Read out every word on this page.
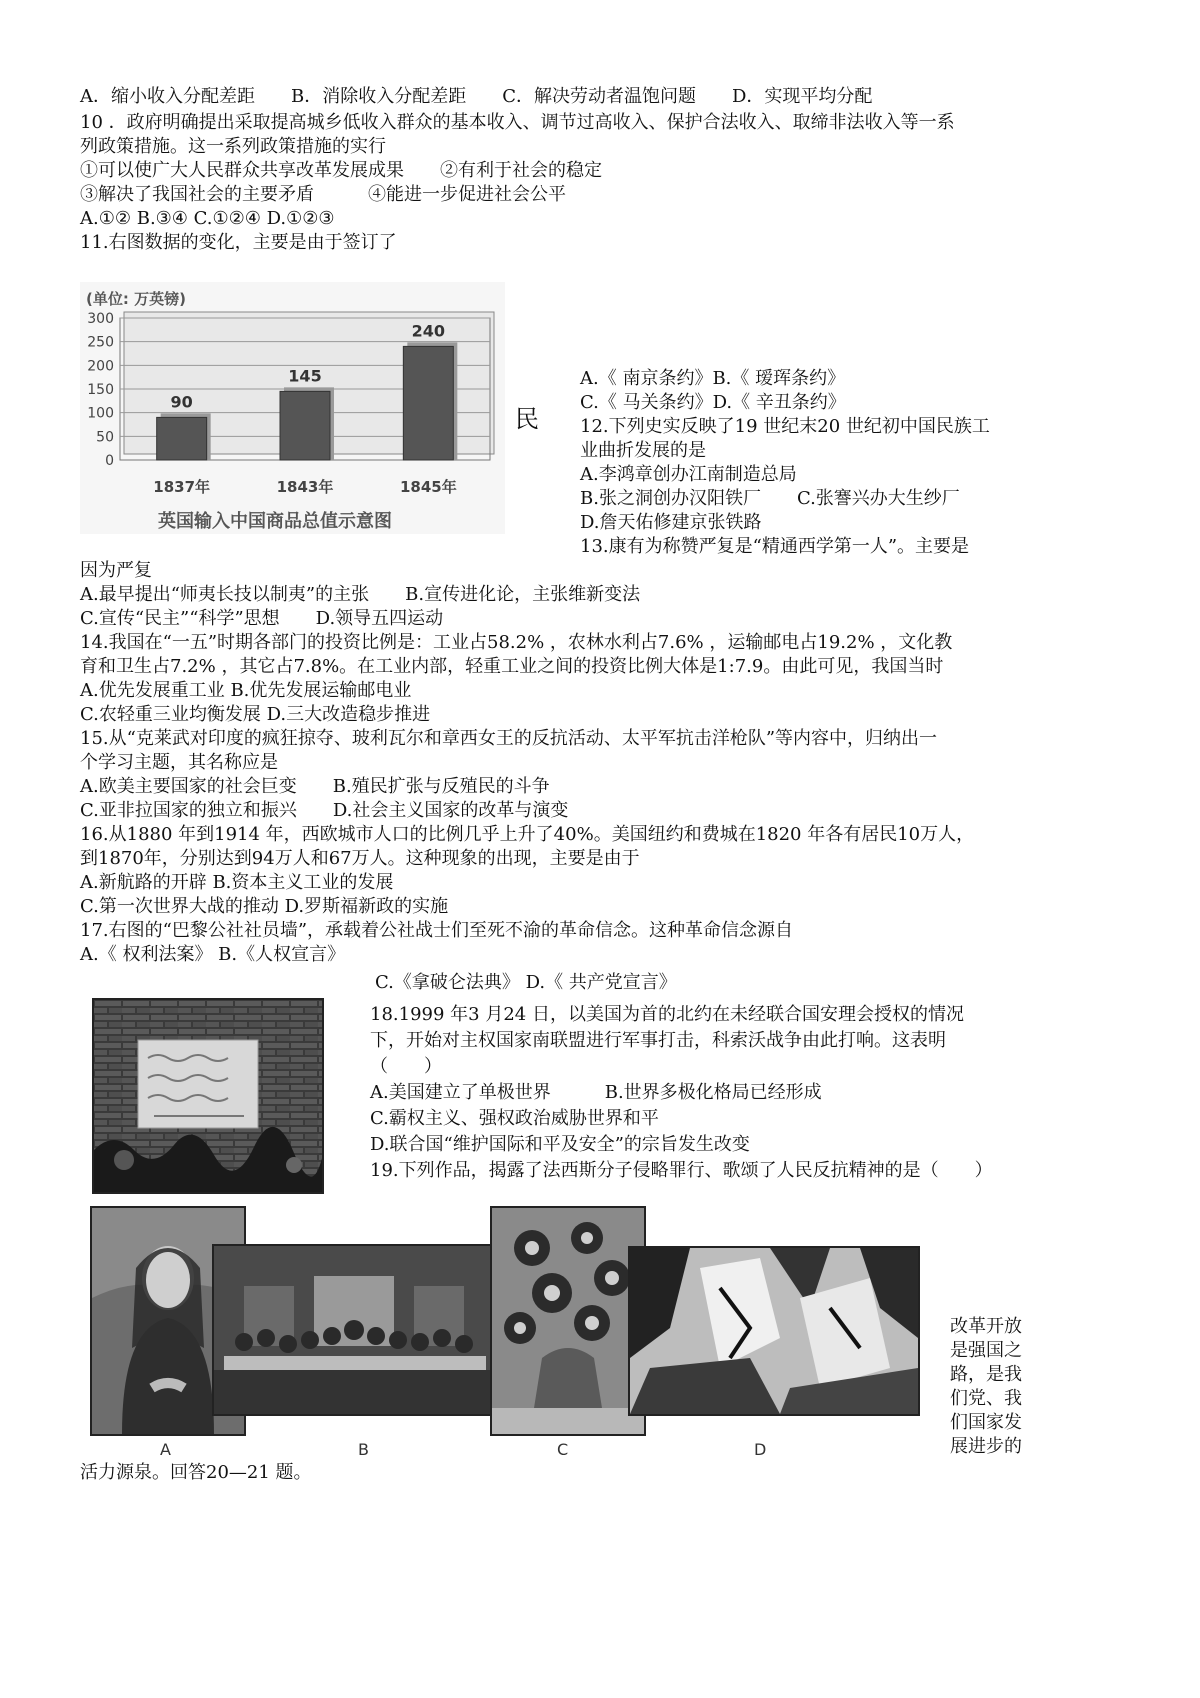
A．缩小收入分配差距　　B．消除收入分配差距　　C．解决劳动者温饱问题　　D．实现平均分配
10 ．政府明确提出采取提高城乡低收入群众的基本收入、调节过高收入、保护合法收入、取缔非法收入等一系
列政策措施。这一系列政策措施的实行
①可以使广大人民群众共享改革发展成果　　②有利于社会的稳定
③解决了我国社会的主要矛盾　　　④能进一步促进社会公平
A.①② B.③④ C.①②④ D.①②③
11.右图数据的变化，主要是由于签订了
(单位: 万英镑)
英国输入中国商品总值示意图
300
250
200
150
100
50
0
90
1837年
145
1843年
240
1845年
民
A.《 南京条约》B.《 瑷珲条约》
C.《 马关条约》D.《 辛丑条约》
12.下列史实反映了19 世纪末20 世纪初中国民族工
业曲折发展的是
A.李鸿章创办江南制造总局
B.张之洞创办汉阳铁厂　　C.张謇兴办大生纱厂
D.詹天佑修建京张铁路
13.康有为称赞严复是“精通西学第一人”。主要是
因为严复
A.最早提出“师夷长技以制夷”的主张　　B.宣传进化论，主张维新变法
C.宣传“民主”“科学”思想　　D.领导五四运动
14.我国在“一五”时期各部门的投资比例是：工业占58.2% ，农林水利占7.6% ，运输邮电占19.2% ，文化教
育和卫生占7.2% ，其它占7.8%。在工业内部，轻重工业之间的投资比例大体是1:7.9。由此可见，我国当时
A.优先发展重工业 B.优先发展运输邮电业
C.农轻重三业均衡发展 D.三大改造稳步推进
15.从“克莱武对印度的疯狂掠夺、玻利瓦尔和章西女王的反抗活动、太平军抗击洋枪队”等内容中，归纳出一
个学习主题，其名称应是
A.欧美主要国家的社会巨变　　B.殖民扩张与反殖民的斗争
C.亚非拉国家的独立和振兴　　D.社会主义国家的改革与演变
16.从1880 年到1914 年，西欧城市人口的比例几乎上升了40%。美国纽约和费城在1820 年各有居民10万人，
到1870年，分别达到94万人和67万人。这种现象的出现，主要是由于
A.新航路的开辟 B.资本主义工业的发展
C.第一次世界大战的推动 D.罗斯福新政的实施
17.右图的“巴黎公社社员墙”，承载着公社战士们至死不渝的革命信念。这种革命信念源自
A.《 权利法案》 B.《人权宣言》
C.《拿破仑法典》 D.《 共产党宣言》
18.1999 年3 月24 日，以美国为首的北约在未经联合国安理会授权的情况
下，开始对主权国家南联盟进行军事打击，科索沃战争由此打响。这表明
（　　）
A.美国建立了单极世界　　　B.世界多极化格局已经形成
C.霸权主义、强权政治威胁世界和平
D.联合国“维护国际和平及安全”的宗旨发生改变
19.下列作品，揭露了法西斯分子侵略罪行、歌颂了人民反抗精神的是（　　）
A	B	C	D
改革开放
是强国之
路，是我
们党、我
们国家发
展进步的
活力源泉。回答20—21 题。
